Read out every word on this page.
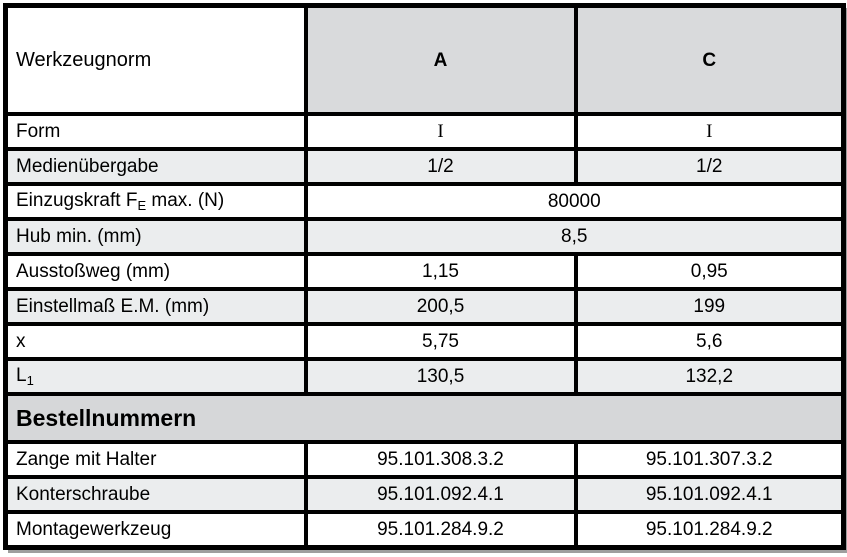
Werkzeugnorm	A	C
Form	I	I
Medienübergabe	1/2	1/2
Einzugskraft $F_E$ max. (N)	80000	
Hub min. (mm)	8,5	
Ausstoßweg (mm)	1,15	0,95
Einstellmaß E.M. (mm)	200,5	199
x	5,75	5,6
$L_1$	130,5	132,2
Bestellnummern		
Zange mit Halter	95.101.308.3.2	95.101.307.3.2
Konterschraube	95.101.092.4.1	95.101.092.4.1
Montagewerkzeug	95.101.284.9.2	95.101.284.9.2
